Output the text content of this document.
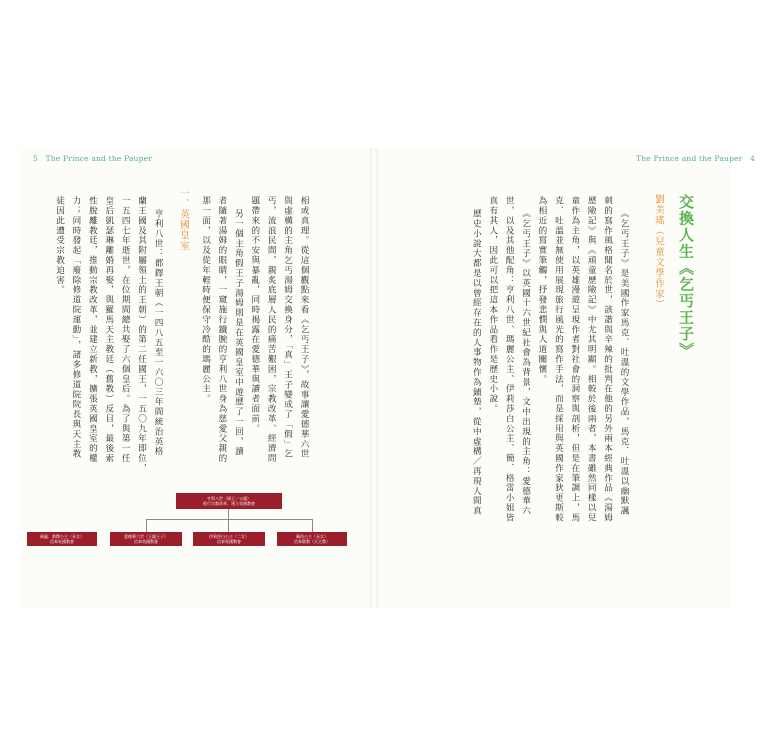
5 The Prince and the Pauper	The Prince and the Pauper 4
交換人生《乞丐王子》
劉美瑤（兒童文學作家）

《乞丐王子》是美國作家馬克．吐溫的文學作品，馬克．吐溫以幽默諷

刺的寫作風格聞名於世，該諧與辛辣的批判在他的另外兩本經典作品《湯姆

歷險記》與《頑童歷險記》中尤其明顯。相較於後兩者，本書雖然同樣以兒

童作為主角，以英雄漫遊呈現作者對社會的洞察與剖析，但是在筆調上，馬

克．吐溫並無使用展現旅行風光的寫作手法，而是採用與英國作家狄更斯較

為相近的寫實筆觸，抒發悲憫與人道關懷。

《乞丐王子》以英國十六世紀社會為背景，文中出現的主角：愛德華六

世，以及其他配角：亨利八世、瑪麗公主、伊莉莎白公主、簡．格雷小姐皆

真有其人，因此可以把這本作品看作是歷史小說。

歷史小說大都是以曾經存在的人事物作為鋪墊，從中虛構／再現人間真

相或真理。從這個觀點來看《乞丐王子》，故事讓愛德華六世

與虛構的主角乞丐湯姆交換身分，「真」王子變成了「假」乞

丐，流浪民間，親炙底層人民的痛苦艱困，宗教改革、經濟問

題帶來的不安與暴亂，同時揭露在愛德華與讀者面前。

另一個主角假王子湯姆則是在英國皇室中遊歷了一回，讀

者隨著湯姆的眼睛，一窺施行鐵腕的亨利八世身為慈愛父親的

那一面，以及從年輕時便保守冷酷的瑪麗公主。

一、英國皇室

亨利八世：都鐸王朝（一四八五至一六〇三年間統治英格

蘭王國及其附屬領土的王朝）的第二任國王，一五〇九年即位，

一五四七年逝世，在位期間總共娶了六個皇后。為了與第一任

皇后凱瑟琳離婚再娶，與羅馬天主教廷（舊教）反目，最後索

性脫離教廷，推動宗教改革，並建立新教，擴張英國皇室的權

力；同時發起「廢除修道院運動」，諸多修道院院長與天主教

徒因此遭受宗教迫害。

亨利八世（國王／父親）
推行宗教改革、建立英國教會
瑪麗．都鐸公主（長女）
信奉英國教會
愛德華六世（王儲王子）
信奉英國教會
伊莉莎白公主（二女）
信奉英國教會
珮西公主（長女）
信奉舊教（天主教）
